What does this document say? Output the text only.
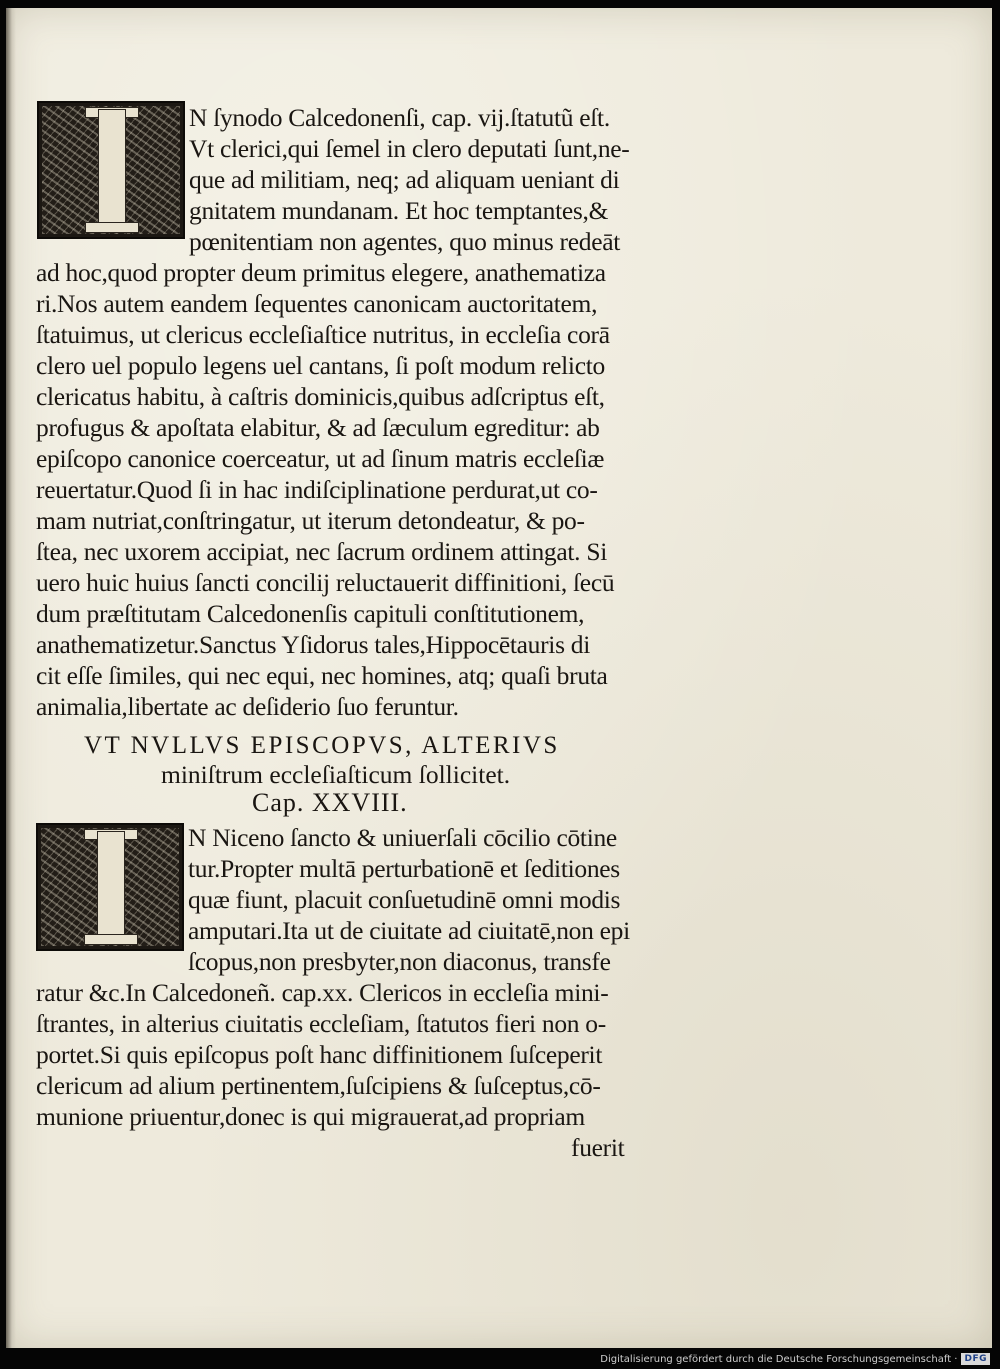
N ſynodo Calcedonenſi, cap. vij.ſtatutũ eſt.
Vt clerici,qui ſemel in clero deputati ſunt,ne-
que ad militiam, neq; ad aliquam ueniant di
gnitatem mundanam. Et hoc temptantes,&
pœnitentiam non agentes, quo minus redeāt
ad hoc,quod propter deum primitus elegere, anathematiza
ri.Nos autem eandem ſequentes canonicam auctoritatem,
ſtatuimus, ut clericus eccleſiaſtice nutritus, in eccleſia corā
clero uel populo legens uel cantans, ſi poſt modum relicto
clericatus habitu, à caſtris dominicis,quibus adſcriptus eſt,
profugus & apoſtata elabitur, & ad ſæculum egreditur: ab
epiſcopo canonice coerceatur, ut ad ſinum matris eccleſiæ
reuertatur.Quod ſi in hac indiſciplinatione perdurat,ut co-
mam nutriat,conſtringatur, ut iterum detondeatur, & po-
ſtea, nec uxorem accipiat, nec ſacrum ordinem attingat. Si
uero huic huius ſancti concilij reluctauerit diffinitioni, ſecū
dum præſtitutam Calcedonenſis capituli conſtitutionem,
anathematizetur.Sanctus Yſidorus tales,Hippocētauris di
cit eſſe ſimiles, qui nec equi, nec homines, atq; quaſi bruta
animalia,libertate ac deſiderio ſuo feruntur.
VT NVLLVS EPISCOPVS, ALTERIVS
miniſtrum eccleſiaſticum ſollicitet.
Cap. XXVIII.
N Niceno ſancto & uniuerſali cōcilio cōtine
tur.Propter multā perturbationē et ſeditiones
quæ fiunt, placuit conſuetudinē omni modis
amputari.Ita ut de ciuitate ad ciuitatē,non epi
ſcopus,non presbyter,non diaconus, transfe
ratur &c.In Calcedoneñ. cap.xx. Clericos in eccleſia mini-
ſtrantes, in alterius ciuitatis eccleſiam, ſtatutos fieri non o-
portet.Si quis epiſcopus poſt hanc diffinitionem ſuſceperit
clericum ad alium pertinentem,ſuſcipiens & ſuſceptus,cō-
munione priuentur,donec is qui migrauerat,ad propriam
fuerit
Digitalisierung gefördert durch die Deutsche Forschungsgemeinschaft · DFG
